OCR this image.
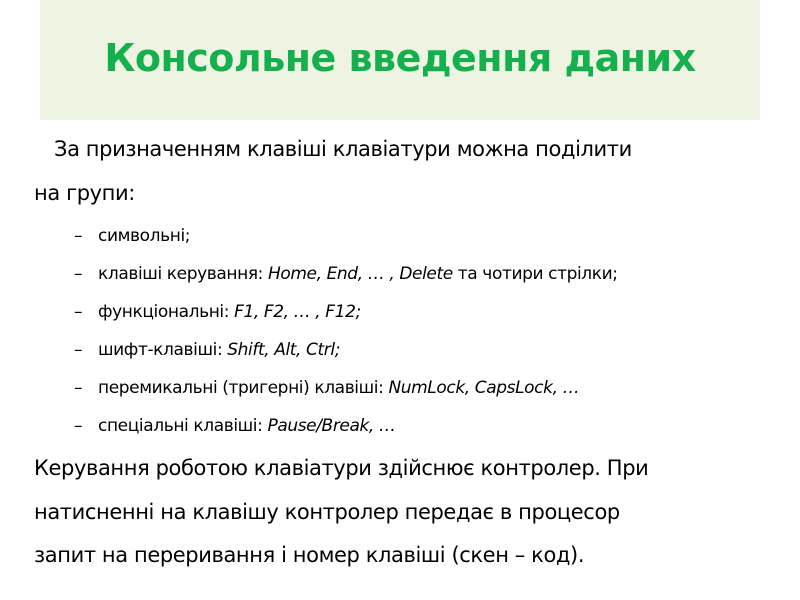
Консольне введення даних
За призначенням клавіші клавіатури можна поділити
на групи:
– символьні;
– клавіші керування: Home, End, … , Delete та чотири стрілки;
– функціональні: F1, F2, … , F12;
– шифт-клавіші: Shift, Alt, Ctrl;
– перемикальні (тригерні) клавіші: NumLock, CapsLock, …
– спеціальні клавіші: Pause/Break, …
Керування роботою клавіатури здійснює контролер. При
натисненні на клавішу контролер передає в процесор
запит на переривання і номер клавіші (скен – код).
